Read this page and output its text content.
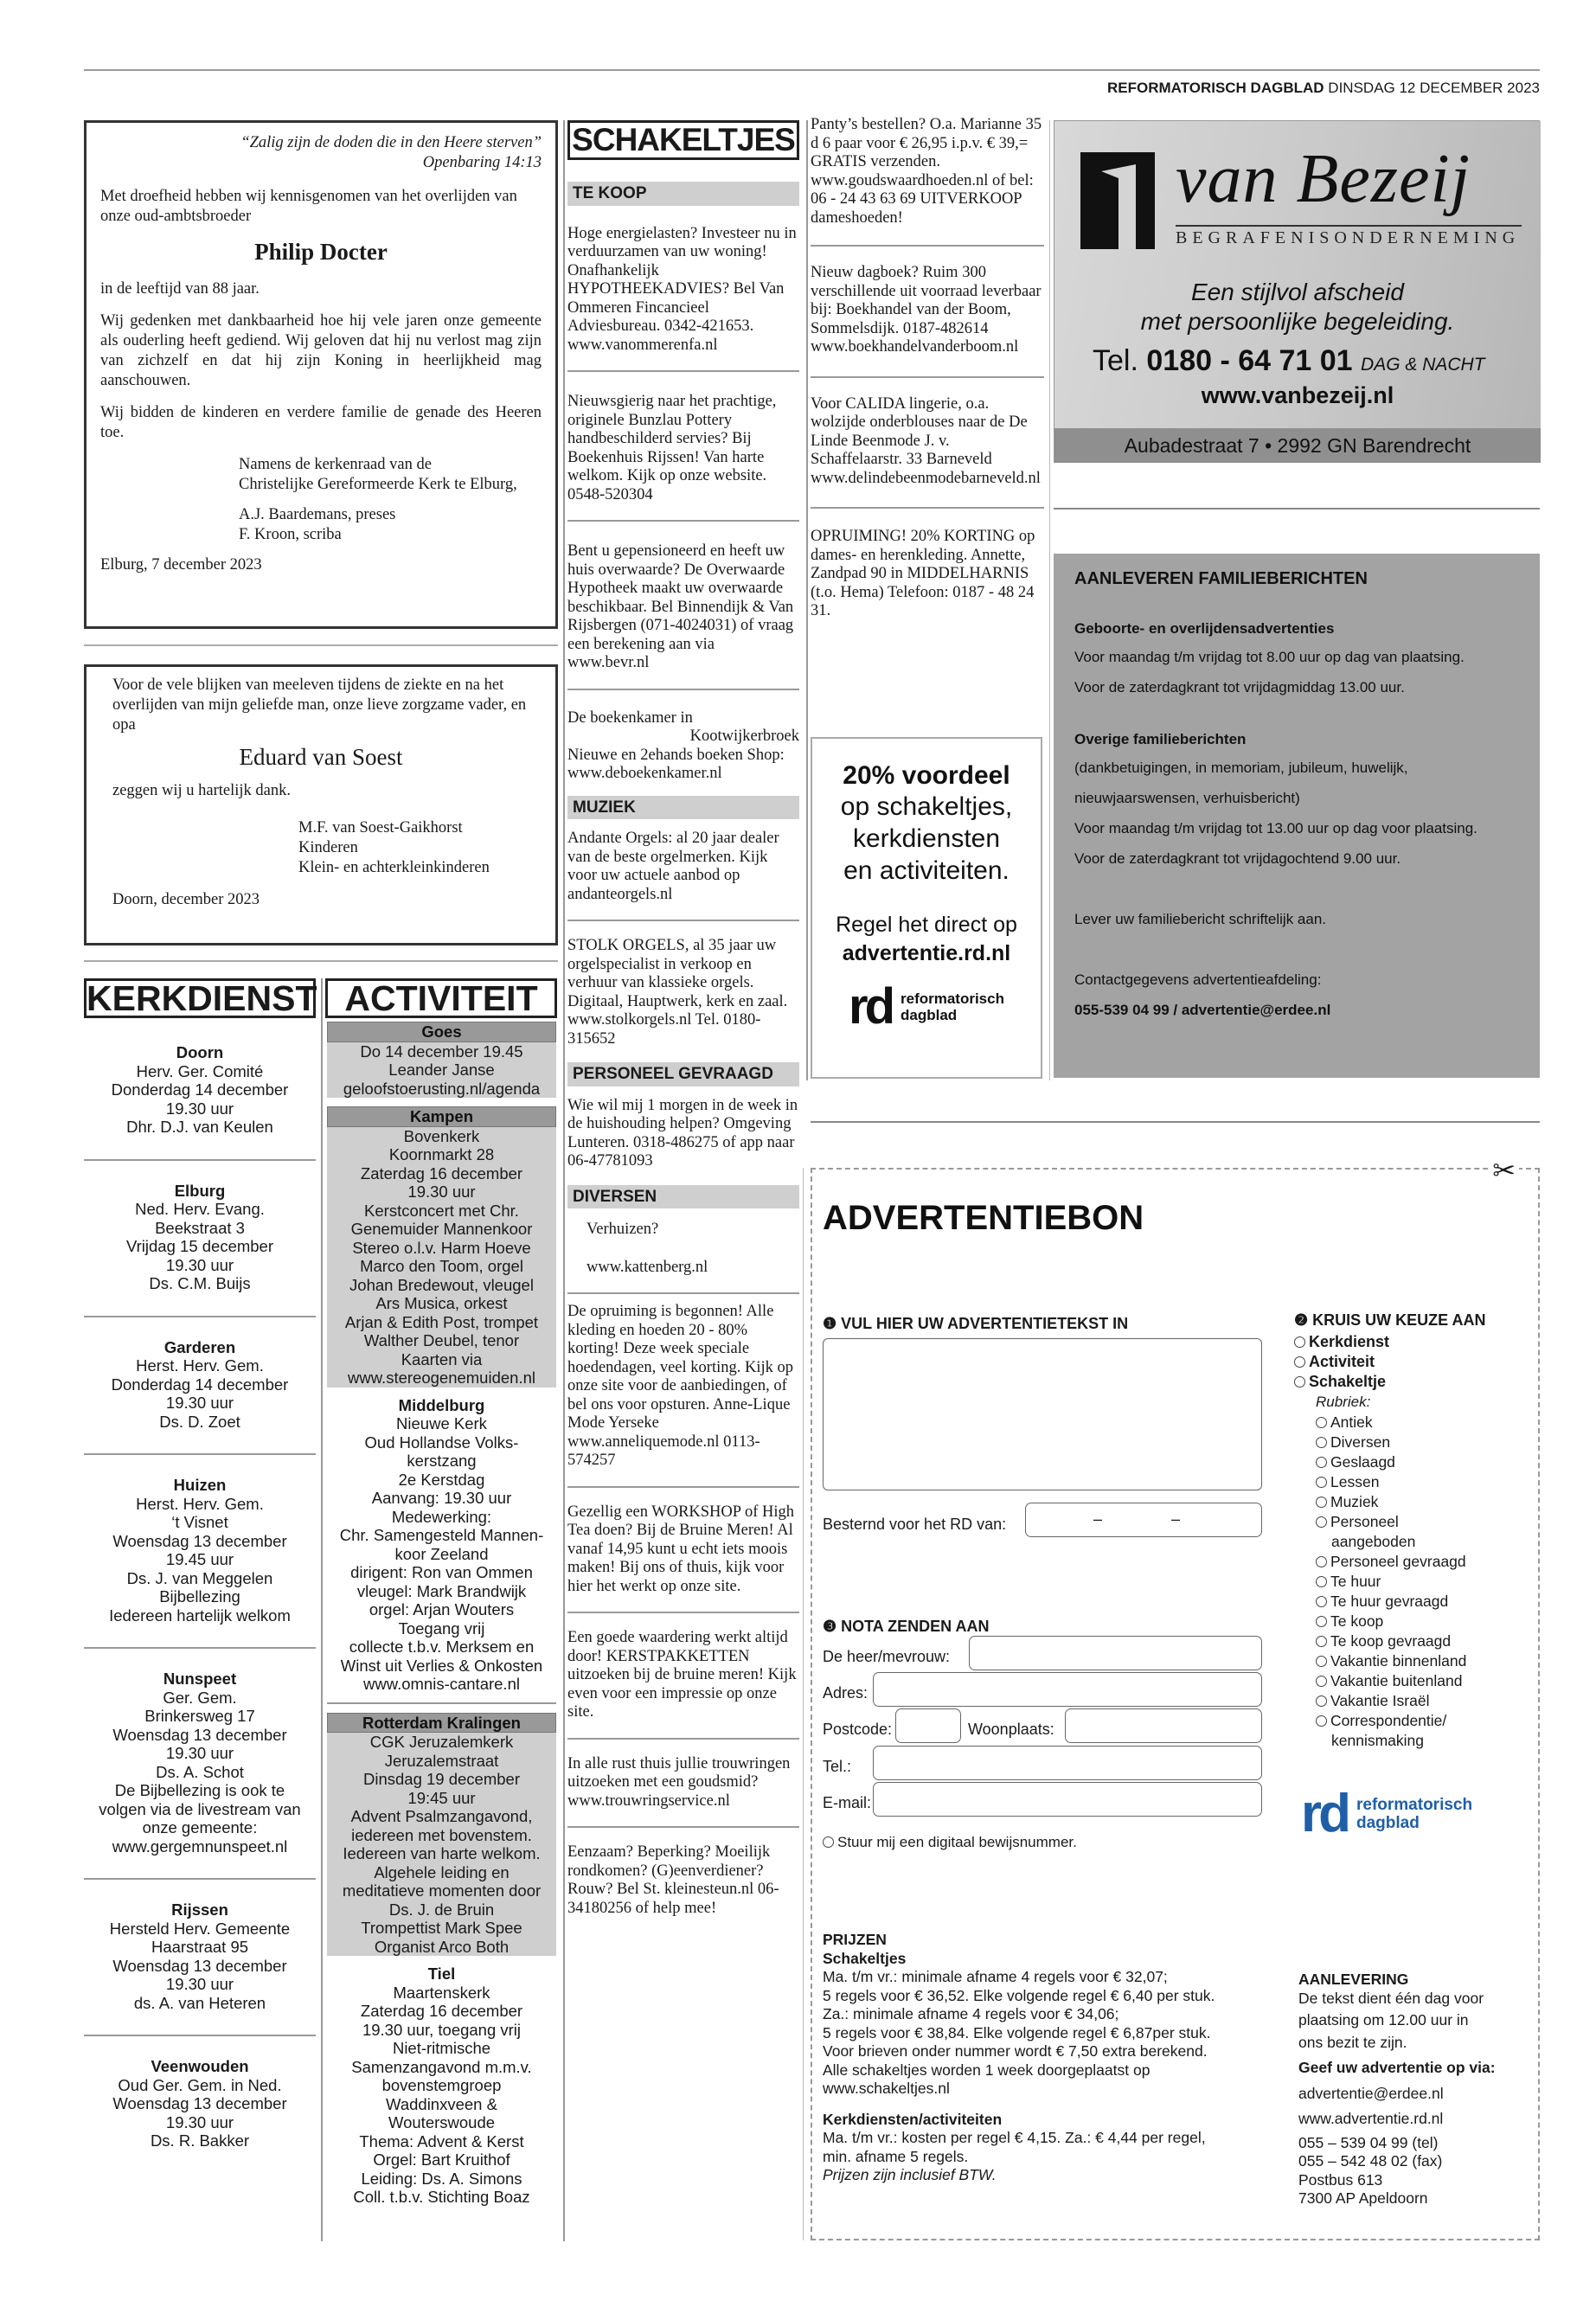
REFORMATORISCH DAGBLAD DINSDAG 12 DECEMBER 2023
“Zalig zijn de doden die in den Heere sterven”
Openbaring 14:13

Met droefheid hebben wij kennisgenomen van het overlijden van onze oud-ambtsbroeder

Philip Docter

in de leeftijd van 88 jaar.

Wij gedenken met dankbaarheid hoe hij vele jaren onze gemeente als ouderling heeft gediend. Wij geloven dat hij nu verlost mag zijn van zichzelf en dat hij zijn Koning in heerlijkheid mag aanschouwen.

Wij bidden de kinderen en verdere familie de genade des Heeren toe.

Namens de kerkenraad van de
Christelijke Gereformeerde Kerk te Elburg,
A.J. Baardemans, preses
F. Kroon, scriba
Elburg, 7 december 2023

Voor de vele blijken van meeleven tijdens de ziekte en na het overlijden van mijn geliefde man, onze lieve zorgzame vader, en opa

Eduard van Soest

zeggen wij u hartelijk dank.

M.F. van Soest-Gaikhorst
Kinderen
Klein- en achterkleinkinderen
Doorn, december 2023
KERKDIENST
Doorn
Herv. Ger. Comité
Donderdag 14 december
19.30 uur
Dhr. D.J. van Keulen
Elburg
Ned. Herv. Evang.
Beekstraat 3
Vrijdag 15 december
19.30 uur
Ds. C.M. Buijs
Garderen
Herst. Herv. Gem.
Donderdag 14 december
19.30 uur
Ds. D. Zoet
Huizen
Herst. Herv. Gem.
‘t Visnet
Woensdag 13 december
19.45 uur
Ds. J. van Meggelen
Bijbellezing
Iedereen hartelijk welkom
Nunspeet
Ger. Gem.
Brinkersweg 17
Woensdag 13 december
19.30 uur
Ds. A. Schot
De Bijbellezing is ook te
volgen via de livestream van
onze gemeente:
www.gergemnunspeet.nl
Rijssen
Hersteld Herv. Gemeente
Haarstraat 95
Woensdag 13 december
19.30 uur
ds. A. van Heteren
Veenwouden
Oud Ger. Gem. in Ned.
Woensdag 13 december
19.30 uur
Ds. R. Bakker
ACTIVITEIT
Goes
Do 14 december 19.45
Leander Janse
geloofstoerusting.nl/agenda
Kampen
Bovenkerk
Koornmarkt 28
Zaterdag 16 december
19.30 uur
Kerstconcert met Chr.
Genemuider Mannenkoor
Stereo o.l.v. Harm Hoeve
Marco den Toom, orgel
Johan Bredewout, vleugel
Ars Musica, orkest
Arjan & Edith Post, trompet
Walther Deubel, tenor
Kaarten via
www.stereogenemuiden.nl
Middelburg
Nieuwe Kerk
Oud Hollandse Volks-
kerstzang
2e Kerstdag
Aanvang: 19.30 uur
Medewerking:
Chr. Samengesteld Mannen-
koor Zeeland
dirigent: Ron van Ommen
vleugel: Mark Brandwijk
orgel: Arjan Wouters
Toegang vrij
collecte t.b.v. Merksem en
Winst uit Verlies & Onkosten
www.omnis-cantare.nl
Rotterdam Kralingen
CGK Jeruzalemkerk
Jeruzalemstraat
Dinsdag 19 december
19:45 uur
Advent Psalmzangavond,
iedereen met bovenstem.
Iedereen van harte welkom.
Algehele leiding en
meditatieve momenten door
Ds. J. de Bruin
Trompettist Mark Spee
Organist Arco Both
Tiel
Maartenskerk
Zaterdag 16 december
19.30 uur, toegang vrij
Niet-ritmische
Samenzangavond m.m.v.
bovenstemgroep
Waddinxveen &
Wouterswoude
Thema: Advent & Kerst
Orgel: Bart Kruithof
Leiding: Ds. A. Simons
Coll. t.b.v. Stichting Boaz
SCHAKELTJES
TE KOOP
Hoge energielasten? Investeer nu in verduurzamen van uw woning! Onafhankelijk HYPOTHEEKADVIES? Bel Van Ommeren Fincancieel Adviesbureau. 0342-421653. www.vanommerenfa.nl
Nieuwsgierig naar het prachtige, originele Bunzlau Pottery handbeschilderd servies? Bij Boekenhuis Rijssen! Van harte welkom. Kijk op onze website. 0548-520304
Bent u gepensioneerd en heeft uw huis overwaarde? De Overwaarde Hypotheek maakt uw overwaarde beschikbaar. Bel Binnendijk & Van Rijsbergen (071-4024031) of vraag een berekening aan via www.bevr.nl
De boekenkamer in
Kootwijkerbroek
Nieuwe en 2ehands boeken Shop: www.deboekenkamer.nl
MUZIEK
Andante Orgels: al 20 jaar dealer van de beste orgelmerken. Kijk voor uw actuele aanbod op andanteorgels.nl
STOLK ORGELS, al 35 jaar uw orgelspecialist in verkoop en verhuur van klassieke orgels. Digitaal, Hauptwerk, kerk en zaal. www.stolkorgels.nl Tel. 0180-315652
PERSONEEL GEVRAAGD
Wie wil mij 1 morgen in de week in de huishouding helpen? Omgeving Lunteren. 0318-486275 of app naar 06-47781093
DIVERSEN
Verhuizen?
www.kattenberg.nl
De opruiming is begonnen! Alle kleding en hoeden 20 - 80% korting! Deze week speciale hoedendagen, veel korting. Kijk op onze site voor de aanbiedingen, of bel ons voor opsturen. Anne-Lique Mode Yerseke www.anneliquemode.nl 0113-574257
Gezellig een WORKSHOP of High Tea doen? Bij de Bruine Meren! Al vanaf 14,95 kunt u echt iets moois maken! Bij ons of thuis, kijk voor hier het werkt op onze site.
Een goede waardering werkt altijd door! KERSTPAKKETTEN uitzoeken bij de bruine meren! Kijk even voor een impressie op onze site.
In alle rust thuis jullie trouwringen uitzoeken met een goudsmid? www.trouwringservice.nl
Eenzaam? Beperking? Moeilijk rondkomen? (G)eenverdiener? Rouw? Bel St. kleinesteun.nl 06-34180256 of help mee!
Panty’s bestellen? O.a. Marianne 35 d 6 paar voor € 26,95 i.p.v. € 39,= GRATIS verzenden. www.goudswaardhoeden.nl of bel: 06 - 24 43 63 69 UITVERKOOP dameshoeden!
Nieuw dagboek? Ruim 300 verschillende uit voorraad leverbaar bij: Boekhandel van der Boom, Sommelsdijk. 0187-482614 www.boekhandelvanderboom.nl
Voor CALIDA lingerie, o.a. wolzijde onderblouses naar de De Linde Beenmode J. v. Schaffelaarstr. 33 Barneveld www.delindebeenmodebarneveld.nl
OPRUIMING! 20% KORTING op dames- en herenkleding. Annette, Zandpad 90 in MIDDELHARNIS (t.o. Hema) Telefoon: 0187 - 48 24 31.
20% voordeel
op schakeltjes,
kerkdiensten
en activiteiten.
Regel het direct op
advertentie.rd.nl
rd reformatorisch
dagblad
van Bezeij
BEGRAFENISONDERNEMING
Een stijlvol afscheid
met persoonlijke begeleiding.
Tel. 0180 - 64 71 01 DAG & NACHT
www.vanbezeij.nl
Aubadestraat 7 • 2992 GN Barendrecht
AANLEVEREN FAMILIEBERICHTEN
Geboorte- en overlijdensadvertenties
Voor maandag t/m vrijdag tot 8.00 uur op dag van plaatsing.
Voor de zaterdagkrant tot vrijdagmiddag 13.00 uur.
Overige familieberichten
(dankbetuigingen, in memoriam, jubileum, huwelijk,
nieuwjaarswensen, verhuisbericht)
Voor maandag t/m vrijdag tot 13.00 uur op dag voor plaatsing.
Voor de zaterdagkrant tot vrijdagochtend 9.00 uur.
Lever uw familiebericht schriftelijk aan.
Contactgegevens advertentieafdeling:
055-539 04 99 / advertentie@erdee.nl
✂
ADVERTENTIEBON
❶ VUL HIER UW ADVERTENTIETEKST IN
Besternd voor het RD van:	–	–
❸ NOTA ZENDEN AAN
De heer/mevrouw:
Adres:
Postcode:	Woonplaats:
Tel.:
E-mail:
Stuur mij een digitaal bewijsnummer.
❷ KRUIS UW KEUZE AAN
Kerkdienst
Activiteit
Schakeltje
Rubriek:
Antiek
Diversen
Geslaagd
Lessen
Muziek
Personeel
aangeboden
Personeel gevraagd
Te huur
Te huur gevraagd
Te koop
Te koop gevraagd
Vakantie binnenland
Vakantie buitenland
Vakantie Israël
Correspondentie/
kennismaking
rd reformatorisch
dagblad
PRIJZEN
Schakeltjes
Ma. t/m vr.: minimale afname 4 regels voor € 32,07;
5 regels voor € 36,52. Elke volgende regel € 6,40 per stuk.
Za.: minimale afname 4 regels voor € 34,06;
5 regels voor € 38,84. Elke volgende regel € 6,87per stuk.
Voor brieven onder nummer wordt € 7,50 extra berekend.
Alle schakeltjes worden 1 week doorgeplaatst op
www.schakeltjes.nl
Kerkdiensten/activiteiten
Ma. t/m vr.: kosten per regel € 4,15. Za.: € 4,44 per regel,
min. afname 5 regels.
Prijzen zijn inclusief BTW.
AANLEVERING
De tekst dient één dag voor
plaatsing om 12.00 uur in
ons bezit te zijn.
Geef uw advertentie op via:
advertentie@erdee.nl
www.advertentie.rd.nl
055 – 539 04 99 (tel)
055 – 542 48 02 (fax)
Postbus 613
7300 AP Apeldoorn
